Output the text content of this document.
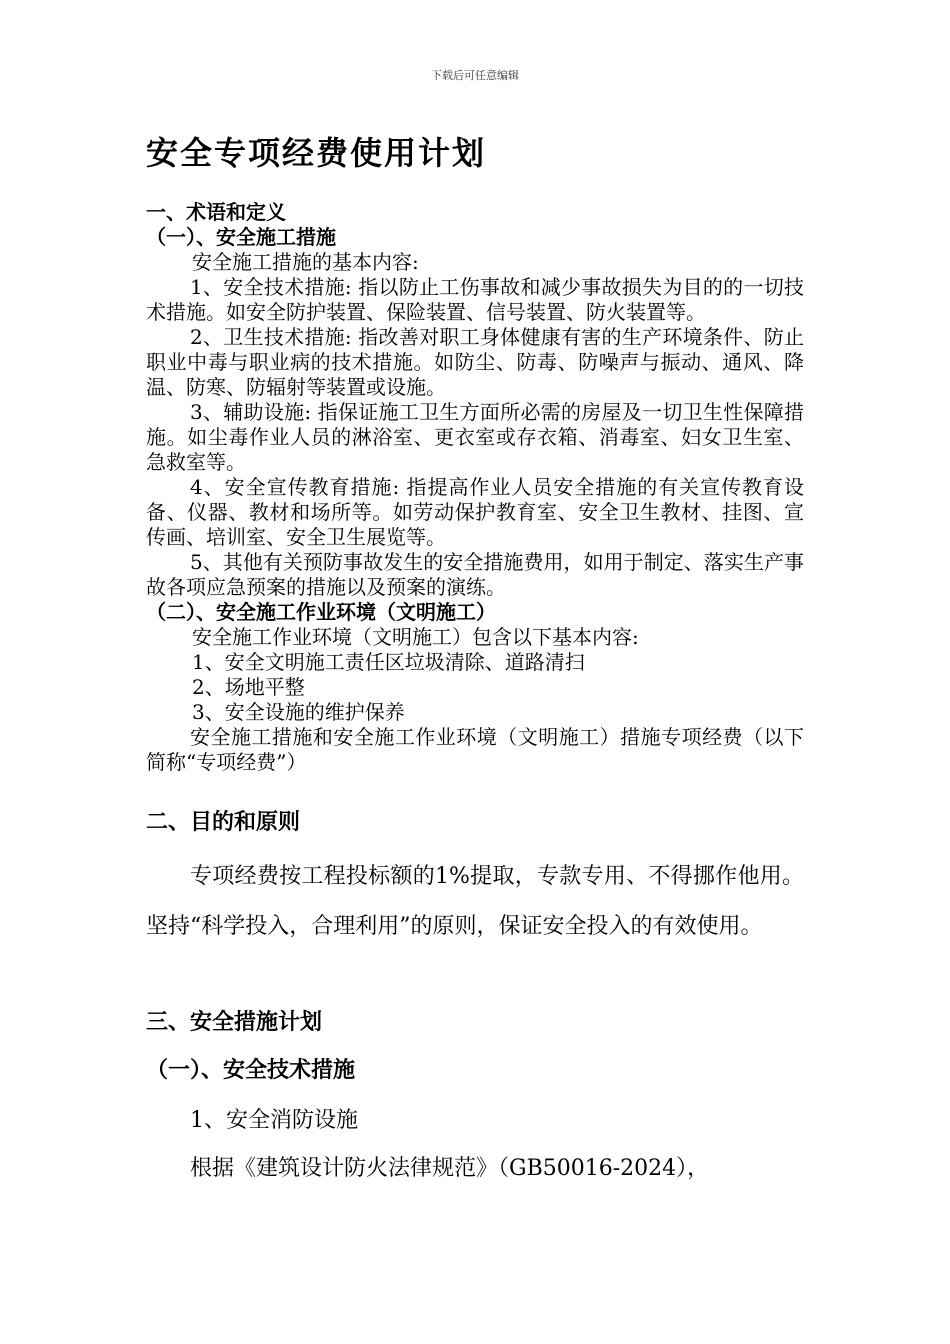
下载后可任意编辑
安全专项经费使用计划

一、术语和定义

（一）、安全施工措施

安全施工措施的基本内容:

1、安全技术措施: 指以防止工伤事故和减少事故损失为目的的一切技术措施。如安全防护装置、保险装置、信号装置、防火装置等。

2、卫生技术措施: 指改善对职工身体健康有害的生产环境条件、防止职业中毒与职业病的技术措施。如防尘、防毒、防噪声与振动、通风、降温、防寒、防辐射等装置或设施。

3、辅助设施: 指保证施工卫生方面所必需的房屋及一切卫生性保障措施。如尘毒作业人员的淋浴室、更衣室或存衣箱、消毒室、妇女卫生室、急救室等。

4、安全宣传教育措施: 指提高作业人员安全措施的有关宣传教育设备、仪器、教材和场所等。如劳动保护教育室、安全卫生教材、挂图、宣传画、培训室、安全卫生展览等。

5、其他有关预防事故发生的安全措施费用，如用于制定、落实生产事故各项应急预案的措施以及预案的演练。

（二）、安全施工作业环境（文明施工）

安全施工作业环境（文明施工）包含以下基本内容:

1、安全文明施工责任区垃圾清除、道路清扫

2、场地平整

3、安全设施的维护保养

安全施工措施和安全施工作业环境（文明施工）措施专项经费（以下简称“专项经费”）

二、目的和原则

专项经费按工程投标额的1%提取，专款专用、不得挪作他用。坚持“科学投入，合理利用”的原则，保证安全投入的有效使用。

三、安全措施计划

（一）、安全技术措施

1、安全消防设施

根据《建筑设计防火法律规范》（GB50016-2024），
